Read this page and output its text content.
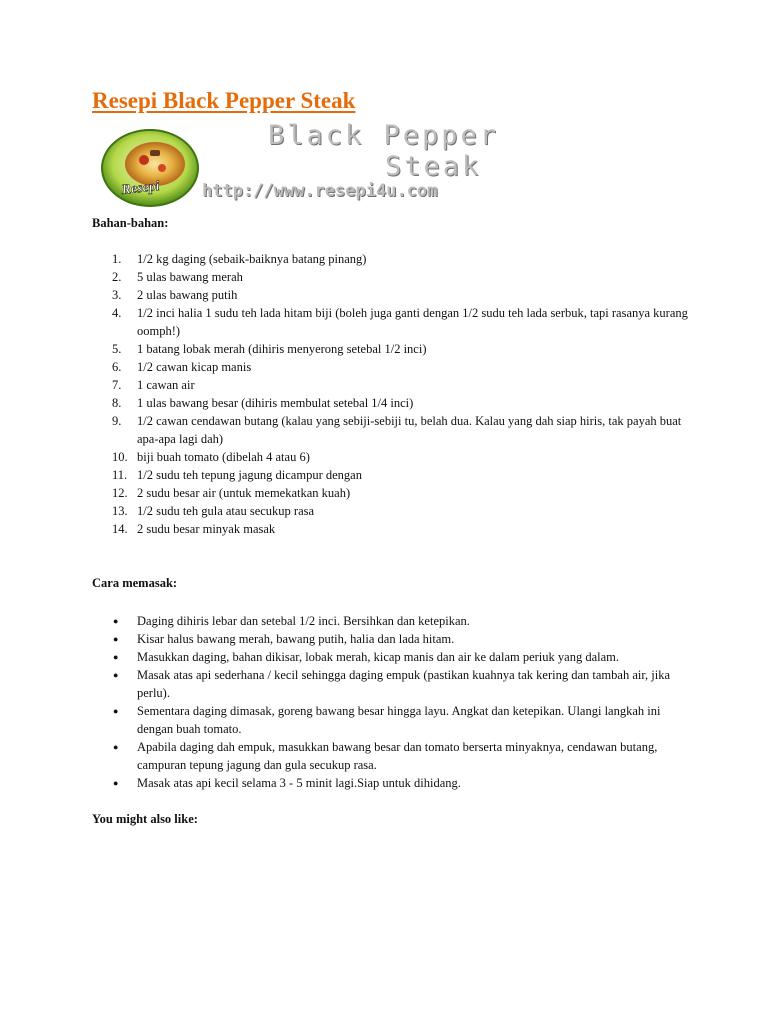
Resepi Black Pepper Steak
Resepi
Black Pepper
Steak
http://www.resepi4u.com
Bahan-bahan:
1. 1/2 kg daging (sebaik-baiknya batang pinang)
2. 5 ulas bawang merah
3. 2 ulas bawang putih
4. 1/2 inci halia 1 sudu teh lada hitam biji (boleh juga ganti dengan 1/2 sudu teh lada serbuk, tapi rasanya kurang oomph!)
5. 1 batang lobak merah (dihiris menyerong setebal 1/2 inci)
6. 1/2 cawan kicap manis
7. 1 cawan air
8. 1 ulas bawang besar (dihiris membulat setebal 1/4 inci)
9. 1/2 cawan cendawan butang (kalau yang sebiji-sebiji tu, belah dua. Kalau yang dah siap hiris, tak payah buat apa-apa lagi dah)
10. biji buah tomato (dibelah 4 atau 6)
11. 1/2 sudu teh tepung jagung dicampur dengan
12. 2 sudu besar air (untuk memekatkan kuah)
13. 1/2 sudu teh gula atau secukup rasa
14. 2 sudu besar minyak masak
Cara memasak:
● Daging dihiris lebar dan setebal 1/2 inci. Bersihkan dan ketepikan.
● Kisar halus bawang merah, bawang putih, halia dan lada hitam.
● Masukkan daging, bahan dikisar, lobak merah, kicap manis dan air ke dalam periuk yang dalam.
● Masak atas api sederhana / kecil sehingga daging empuk (pastikan kuahnya tak kering dan tambah air, jika perlu).
● Sementara daging dimasak, goreng bawang besar hingga layu. Angkat dan ketepikan. Ulangi langkah ini dengan buah tomato.
● Apabila daging dah empuk, masukkan bawang besar dan tomato berserta minyaknya, cendawan butang, campuran tepung jagung dan gula secukup rasa.
● Masak atas api kecil selama 3 - 5 minit lagi.Siap untuk dihidang.
You might also like:
